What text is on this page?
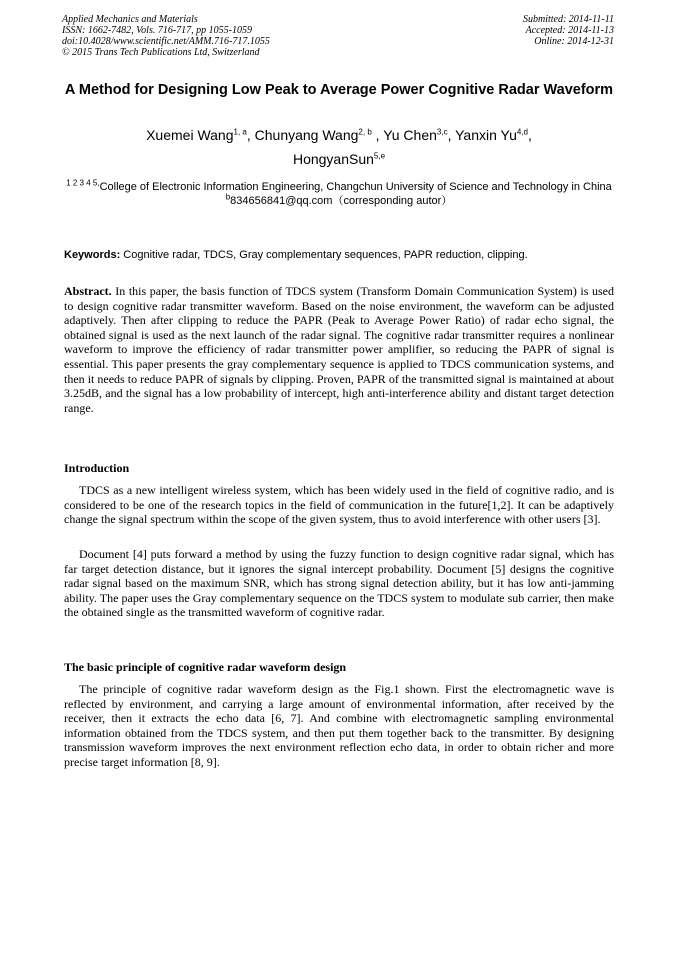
Applied Mechanics and Materials
ISSN: 1662-7482, Vols. 716-717, pp 1055-1059
doi:10.4028/www.scientific.net/AMM.716-717.1055
© 2015 Trans Tech Publications Ltd, Switzerland
Submitted: 2014-11-11
Accepted: 2014-11-13
Online: 2014-12-31
A Method for Designing Low Peak to Average Power Cognitive Radar Waveform
Xuemei Wang$^{1, a}$, Chunyang Wang$^{2, b}$ , Yu Chen$^{3,c}$, Yanxin Yu$^{4,d}$,
HongyanSun$^{5,e}$
$^{1 2 3 4 5,}$College of Electronic Information Engineering, Changchun University of Science and Technology in China
$^b$834656841@qq.com（corresponding autor）
Keywords: Cognitive radar, TDCS, Gray complementary sequences, PAPR reduction, clipping.
Abstract. In this paper, the basis function of TDCS system (Transform Domain Communication System) is used to design cognitive radar transmitter waveform. Based on the noise environment, the waveform can be adjusted adaptively. Then after clipping to reduce the PAPR (Peak to Average Power Ratio) of radar echo signal, the obtained signal is used as the next launch of the radar signal. The cognitive radar transmitter requires a nonlinear waveform to improve the efficiency of radar transmitter power amplifier, so reducing the PAPR of signal is essential. This paper presents the gray complementary sequence is applied to TDCS communication systems, and then it needs to reduce PAPR of signals by clipping. Proven, PAPR of the transmitted signal is maintained at about 3.25dB, and the signal has a low probability of intercept, high anti-interference ability and distant target detection range.
Introduction

TDCS as a new intelligent wireless system, which has been widely used in the field of cognitive radio, and is considered to be one of the research topics in the field of communication in the future[1,2]. It can be adaptively change the signal spectrum within the scope of the given system, thus to avoid interference with other users [3].

Document [4] puts forward a method by using the fuzzy function to design cognitive radar signal, which has far target detection distance, but it ignores the signal intercept probability. Document [5] designs the cognitive radar signal based on the maximum SNR, which has strong signal detection ability, but it has low anti-jamming ability. The paper uses the Gray complementary sequence on the TDCS system to modulate sub carrier, then make the obtained single as the transmitted waveform of cognitive radar.

The basic principle of cognitive radar waveform design

The principle of cognitive radar waveform design as the Fig.1 shown. First the electromagnetic wave is reflected by environment, and carrying a large amount of environmental information, after received by the receiver, then it extracts the echo data [6, 7]. And combine with electromagnetic sampling environmental information obtained from the TDCS system, and then put them together back to the transmitter. By designing transmission waveform improves the next environment reflection echo data, in order to obtain richer and more precise target information [8, 9].
